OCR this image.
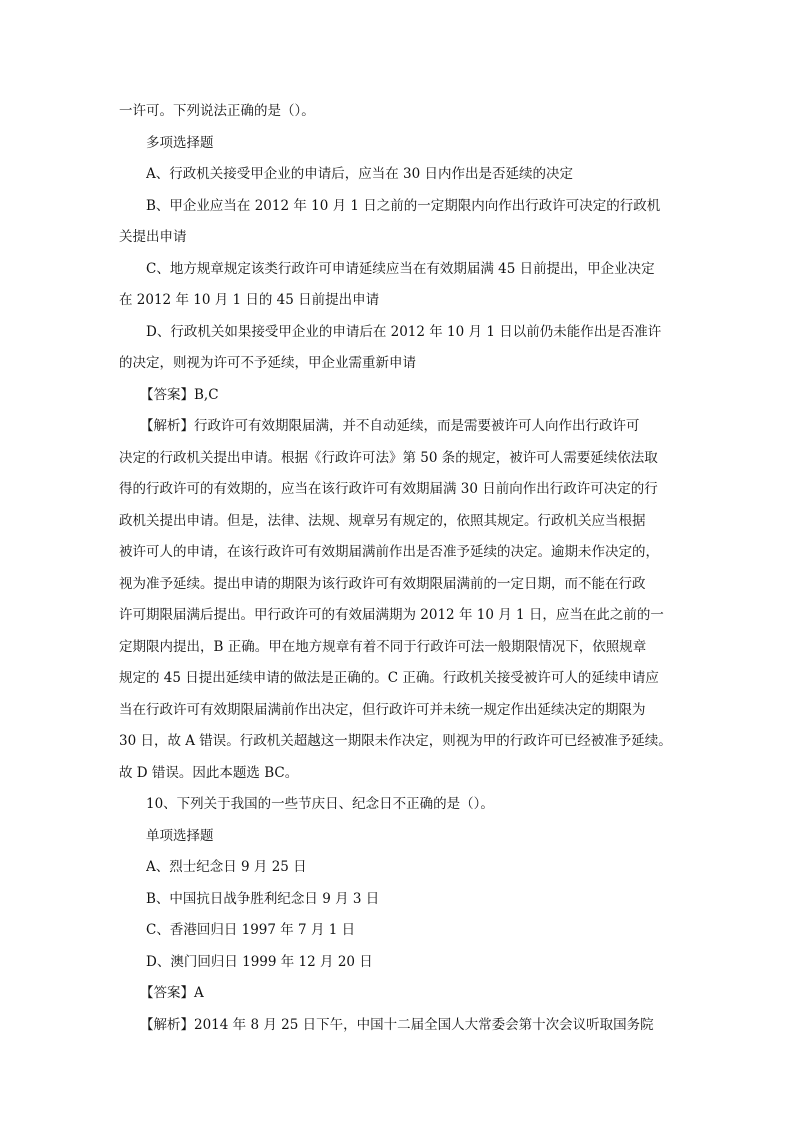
一许可。下列说法正确的是（）。
多项选择题
A、行政机关接受甲企业的申请后，应当在 30 日内作出是否延续的决定
B、甲企业应当在 2012 年 10 月 1 日之前的一定期限内向作出行政许可决定的行政机
关提出申请
C、地方规章规定该类行政许可申请延续应当在有效期届满 45 日前提出，甲企业决定
在 2012 年 10 月 1 日的 45 日前提出申请
D、行政机关如果接受甲企业的申请后在 2012 年 10 月 1 日以前仍未能作出是否准许
的决定，则视为许可不予延续，甲企业需重新申请
【答案】B,C
【解析】行政许可有效期限届满，并不自动延续，而是需要被许可人向作出行政许可
决定的行政机关提出申请。根据《行政许可法》第 50 条的规定，被许可人需要延续依法取
得的行政许可的有效期的，应当在该行政许可有效期届满 30 日前向作出行政许可决定的行
政机关提出申请。但是，法律、法规、规章另有规定的，依照其规定。行政机关应当根据
被许可人的申请，在该行政许可有效期届满前作出是否准予延续的决定。逾期未作决定的，
视为准予延续。提出申请的期限为该行政许可有效期限届满前的一定日期，而不能在行政
许可期限届满后提出。甲行政许可的有效届满期为 2012 年 10 月 1 日，应当在此之前的一
定期限内提出，B 正确。甲在地方规章有着不同于行政许可法一般期限情况下，依照规章
规定的 45 日提出延续申请的做法是正确的。C 正确。行政机关接受被许可人的延续申请应
当在行政许可有效期限届满前作出决定，但行政许可并未统一规定作出延续决定的期限为
30 日，故 A 错误。行政机关超越这一期限未作决定，则视为甲的行政许可已经被准予延续。
故 D 错误。因此本题选 BC。
10、下列关于我国的一些节庆日、纪念日不正确的是（）。
单项选择题
A、烈士纪念日 9 月 25 日
B、中国抗日战争胜利纪念日 9 月 3 日
C、香港回归日 1997 年 7 月 1 日
D、澳门回归日 1999 年 12 月 20 日
【答案】A
【解析】2014 年 8 月 25 日下午，中国十二届全国人大常委会第十次会议听取国务院
